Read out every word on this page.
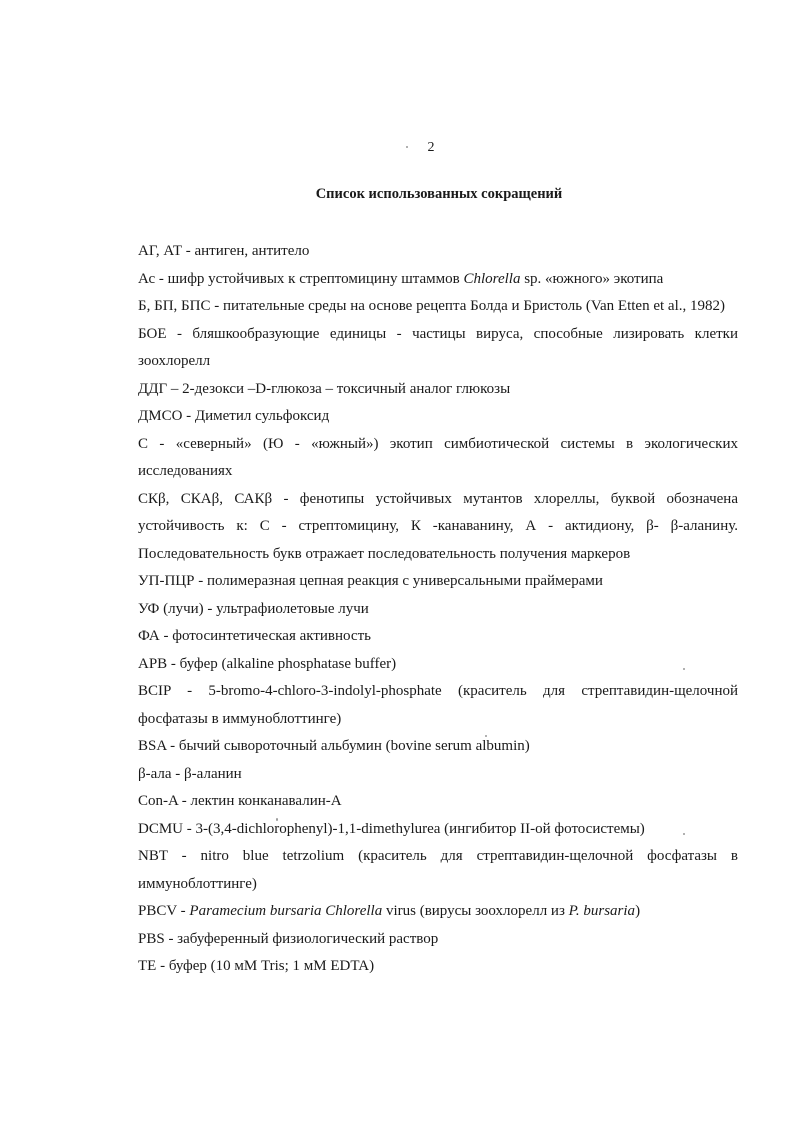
2
Список использованных сокращений

АГ, АТ - антиген, антитело

Ас - шифр устойчивых к стрептомицину штаммов Chlorella sp. «южного» экотипа

Б, БП, БПС - питательные среды на основе рецепта Болда и Бристоль (Van Etten et al., 1982)

БОЕ - бляшкообразующие единицы - частицы вируса, способные лизировать клетки зоохлорелл

ДДГ – 2-дезокси –D-глюкоза – токсичный аналог глюкозы

ДМСО - Диметил сульфоксид

С - «северный» (Ю - «южный») экотип симбиотической системы в экологических исследованиях

СКβ, СКАβ, САКβ - фенотипы устойчивых мутантов хлореллы, буквой обозначена устойчивость к: С - стрептомицину, К -канаванину, А - актидиону, β- β-аланину. Последовательность букв отражает последовательность получения маркеров

УП-ПЦР - полимеразная цепная реакция с универсальными праймерами

УФ (лучи) - ультрафиолетовые лучи

ФА - фотосинтетическая активность

APB - буфер (alkaline phosphatase buffer)

BCIP - 5-bromo-4-chloro-3-indolyl-phosphate (краситель для стрептавидин-щелочной фосфатазы в иммуноблоттинге)

BSA - бычий сывороточный альбумин (bovine serum albumin)

β-ала - β-аланин

Con-A - лектин конканавалин-А

DCMU - 3-(3,4-dichlorophenyl)-1,1-dimethylurea (ингибитор II-ой фотосистемы)

NBT - nitro blue tetrzolium (краситель для стрептавидин-щелочной фосфатазы в иммуноблоттинге)

PBCV - Paramecium bursaria Chlorella virus (вирусы зоохлорелл из P. bursaria)

PBS - забуференный физиологический раствор

TE - буфер (10 мМ Tris; 1 мМ EDTA)
